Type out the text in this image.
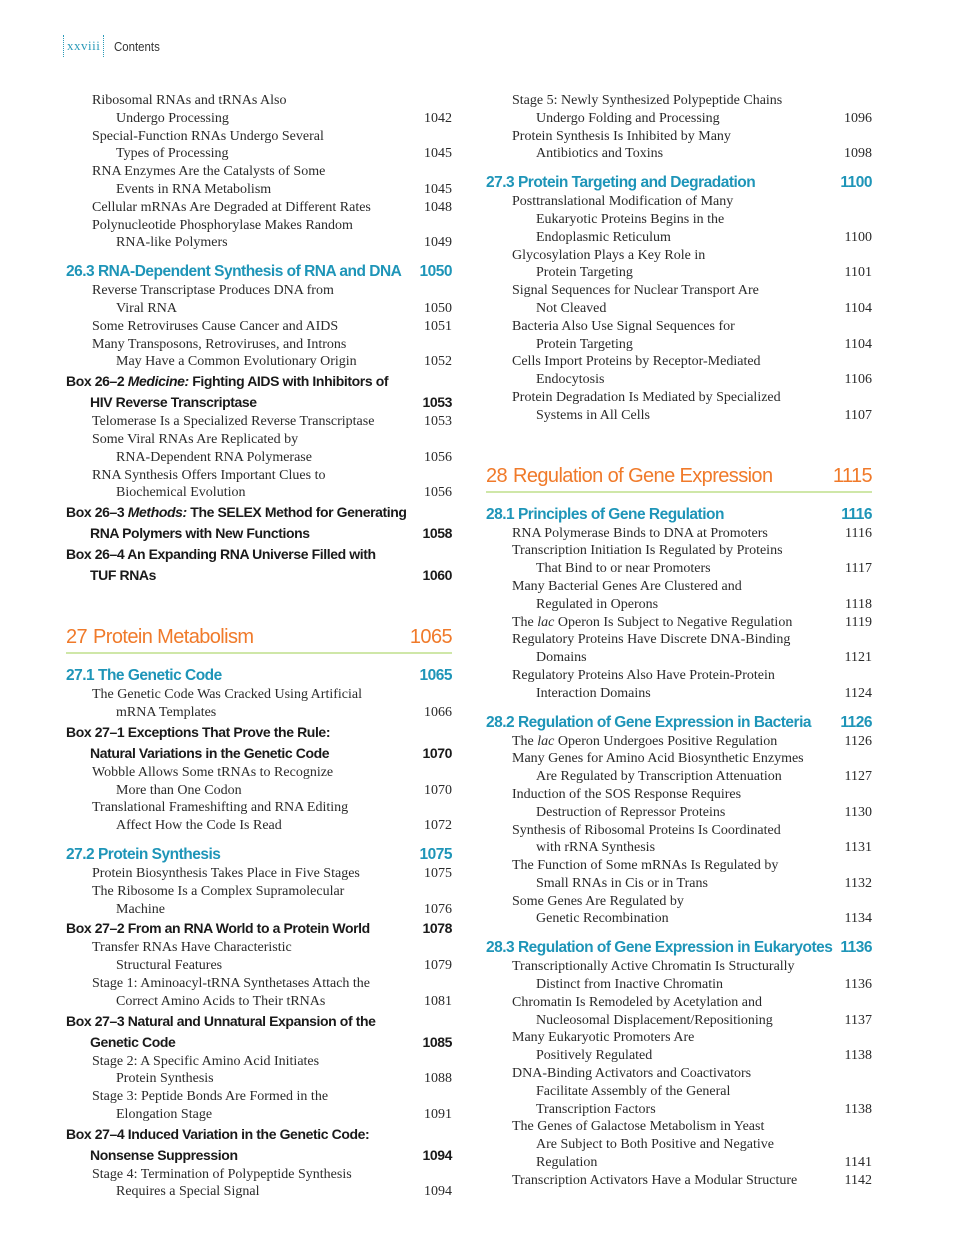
xxviii	Contents
Ribosomal RNAs and tRNAs Also
Undergo Processing	1042
Special-Function RNAs Undergo Several
Types of Processing	1045
RNA Enzymes Are the Catalysts of Some
Events in RNA Metabolism	1045
Cellular mRNAs Are Degraded at Different Rates	1048
Polynucleotide Phosphorylase Makes Random
RNA-like Polymers	1049
26.3 RNA-Dependent Synthesis of RNA and DNA 1050
Reverse Transcriptase Produces DNA from
Viral RNA	1050
Some Retroviruses Cause Cancer and AIDS	1051
Many Transposons, Retroviruses, and Introns
May Have a Common Evolutionary Origin	1052
Box 26–2 Medicine: Fighting AIDS with Inhibitors of
HIV Reverse Transcriptase	1053
Telomerase Is a Specialized Reverse Transcriptase	1053
Some Viral RNAs Are Replicated by
RNA-Dependent RNA Polymerase	1056
RNA Synthesis Offers Important Clues to
Biochemical Evolution	1056
Box 26–3 Methods: The SELEX Method for Generating
RNA Polymers with New Functions	1058
Box 26–4 An Expanding RNA Universe Filled with
TUF RNAs	1060
27 Protein Metabolism	1065
27.1 The Genetic Code	1065
The Genetic Code Was Cracked Using Artificial
mRNA Templates	1066
Box 27–1 Exceptions That Prove the Rule:
Natural Variations in the Genetic Code	1070
Wobble Allows Some tRNAs to Recognize
More than One Codon	1070
Translational Frameshifting and RNA Editing
Affect How the Code Is Read	1072
27.2 Protein Synthesis	1075
Protein Biosynthesis Takes Place in Five Stages	1075
The Ribosome Is a Complex Supramolecular
Machine	1076
Box 27–2 From an RNA World to a Protein World	1078
Transfer RNAs Have Characteristic
Structural Features	1079
Stage 1: Aminoacyl-tRNA Synthetases Attach the
Correct Amino Acids to Their tRNAs	1081
Box 27–3 Natural and Unnatural Expansion of the
Genetic Code	1085
Stage 2: A Specific Amino Acid Initiates
Protein Synthesis	1088
Stage 3: Peptide Bonds Are Formed in the
Elongation Stage	1091
Box 27–4 Induced Variation in the Genetic Code:
Nonsense Suppression	1094
Stage 4: Termination of Polypeptide Synthesis
Requires a Special Signal	1094
Stage 5: Newly Synthesized Polypeptide Chains
Undergo Folding and Processing	1096
Protein Synthesis Is Inhibited by Many
Antibiotics and Toxins	1098
27.3 Protein Targeting and Degradation	1100
Posttranslational Modification of Many
Eukaryotic Proteins Begins in the
Endoplasmic Reticulum	1100
Glycosylation Plays a Key Role in
Protein Targeting	1101
Signal Sequences for Nuclear Transport Are
Not Cleaved	1104
Bacteria Also Use Signal Sequences for
Protein Targeting	1104
Cells Import Proteins by Receptor-Mediated
Endocytosis	1106
Protein Degradation Is Mediated by Specialized
Systems in All Cells	1107
28 Regulation of Gene Expression	1115
28.1 Principles of Gene Regulation	1116
RNA Polymerase Binds to DNA at Promoters	1116
Transcription Initiation Is Regulated by Proteins
That Bind to or near Promoters	1117
Many Bacterial Genes Are Clustered and
Regulated in Operons	1118
The lac Operon Is Subject to Negative Regulation	1119
Regulatory Proteins Have Discrete DNA-Binding
Domains	1121
Regulatory Proteins Also Have Protein-Protein
Interaction Domains	1124
28.2 Regulation of Gene Expression in Bacteria 1126
The lac Operon Undergoes Positive Regulation	1126
Many Genes for Amino Acid Biosynthetic Enzymes
Are Regulated by Transcription Attenuation	1127
Induction of the SOS Response Requires
Destruction of Repressor Proteins	1130
Synthesis of Ribosomal Proteins Is Coordinated
with rRNA Synthesis	1131
The Function of Some mRNAs Is Regulated by
Small RNAs in Cis or in Trans	1132
Some Genes Are Regulated by
Genetic Recombination	1134
28.3 Regulation of Gene Expression in Eukaryotes 1136
Transcriptionally Active Chromatin Is Structurally
Distinct from Inactive Chromatin	1136
Chromatin Is Remodeled by Acetylation and
Nucleosomal Displacement/Repositioning	1137
Many Eukaryotic Promoters Are
Positively Regulated	1138
DNA-Binding Activators and Coactivators
Facilitate Assembly of the General
Transcription Factors	1138
The Genes of Galactose Metabolism in Yeast
Are Subject to Both Positive and Negative
Regulation	1141
Transcription Activators Have a Modular Structure	1142
